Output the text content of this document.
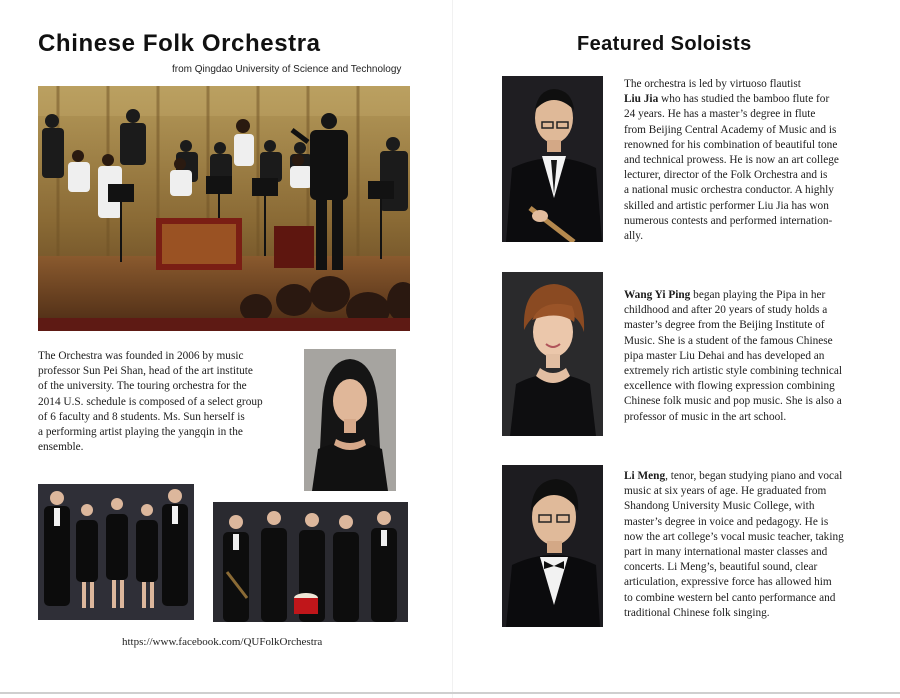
Chinese Folk Orchestra
from Qingdao University of Science and Technology

The Orchestra was founded in 2006 by music
professor Sun Pei Shan, head of the art institute
of the university. The touring orchestra for the
2014 U.S. schedule is composed of a select group
of 6 faculty and 8 students. Ms. Sun herself is
a performing artist playing the yangqin in the
ensemble.

https://www.facebook.com/QUFolkOrchestra
Featured Soloists

The orchestra is led by virtuoso flautist
Liu Jia who has studied the bamboo flute for
24 years. He has a master’s degree in flute
from Beijing Central Academy of Music and is
renowned for his combination of beautiful tone
and technical prowess. He is now an art college
lecturer, director of the Folk Orchestra and is
a national music orchestra conductor. A highly
skilled and artistic performer Liu Jia has won
numerous contests and performed internation-
ally.

Wang Yi Ping began playing the Pipa in her
childhood and after 20 years of study holds a
master’s degree from the Beijing Institute of
Music. She is a student of the famous Chinese
pipa master Liu Dehai and has developed an
extremely rich artistic style combining technical
excellence with flowing expression combining
Chinese folk music and pop music. She is also a
professor of music in the art school.

Li Meng, tenor, began studying piano and vocal
music at six years of age. He graduated from
Shandong University Music College, with
master’s degree in voice and pedagogy. He is
now the art college’s vocal music teacher, taking
part in many international master classes and
concerts. Li Meng’s, beautiful sound, clear
articulation, expressive force has allowed him
to combine western bel canto performance and
traditional Chinese folk singing.
